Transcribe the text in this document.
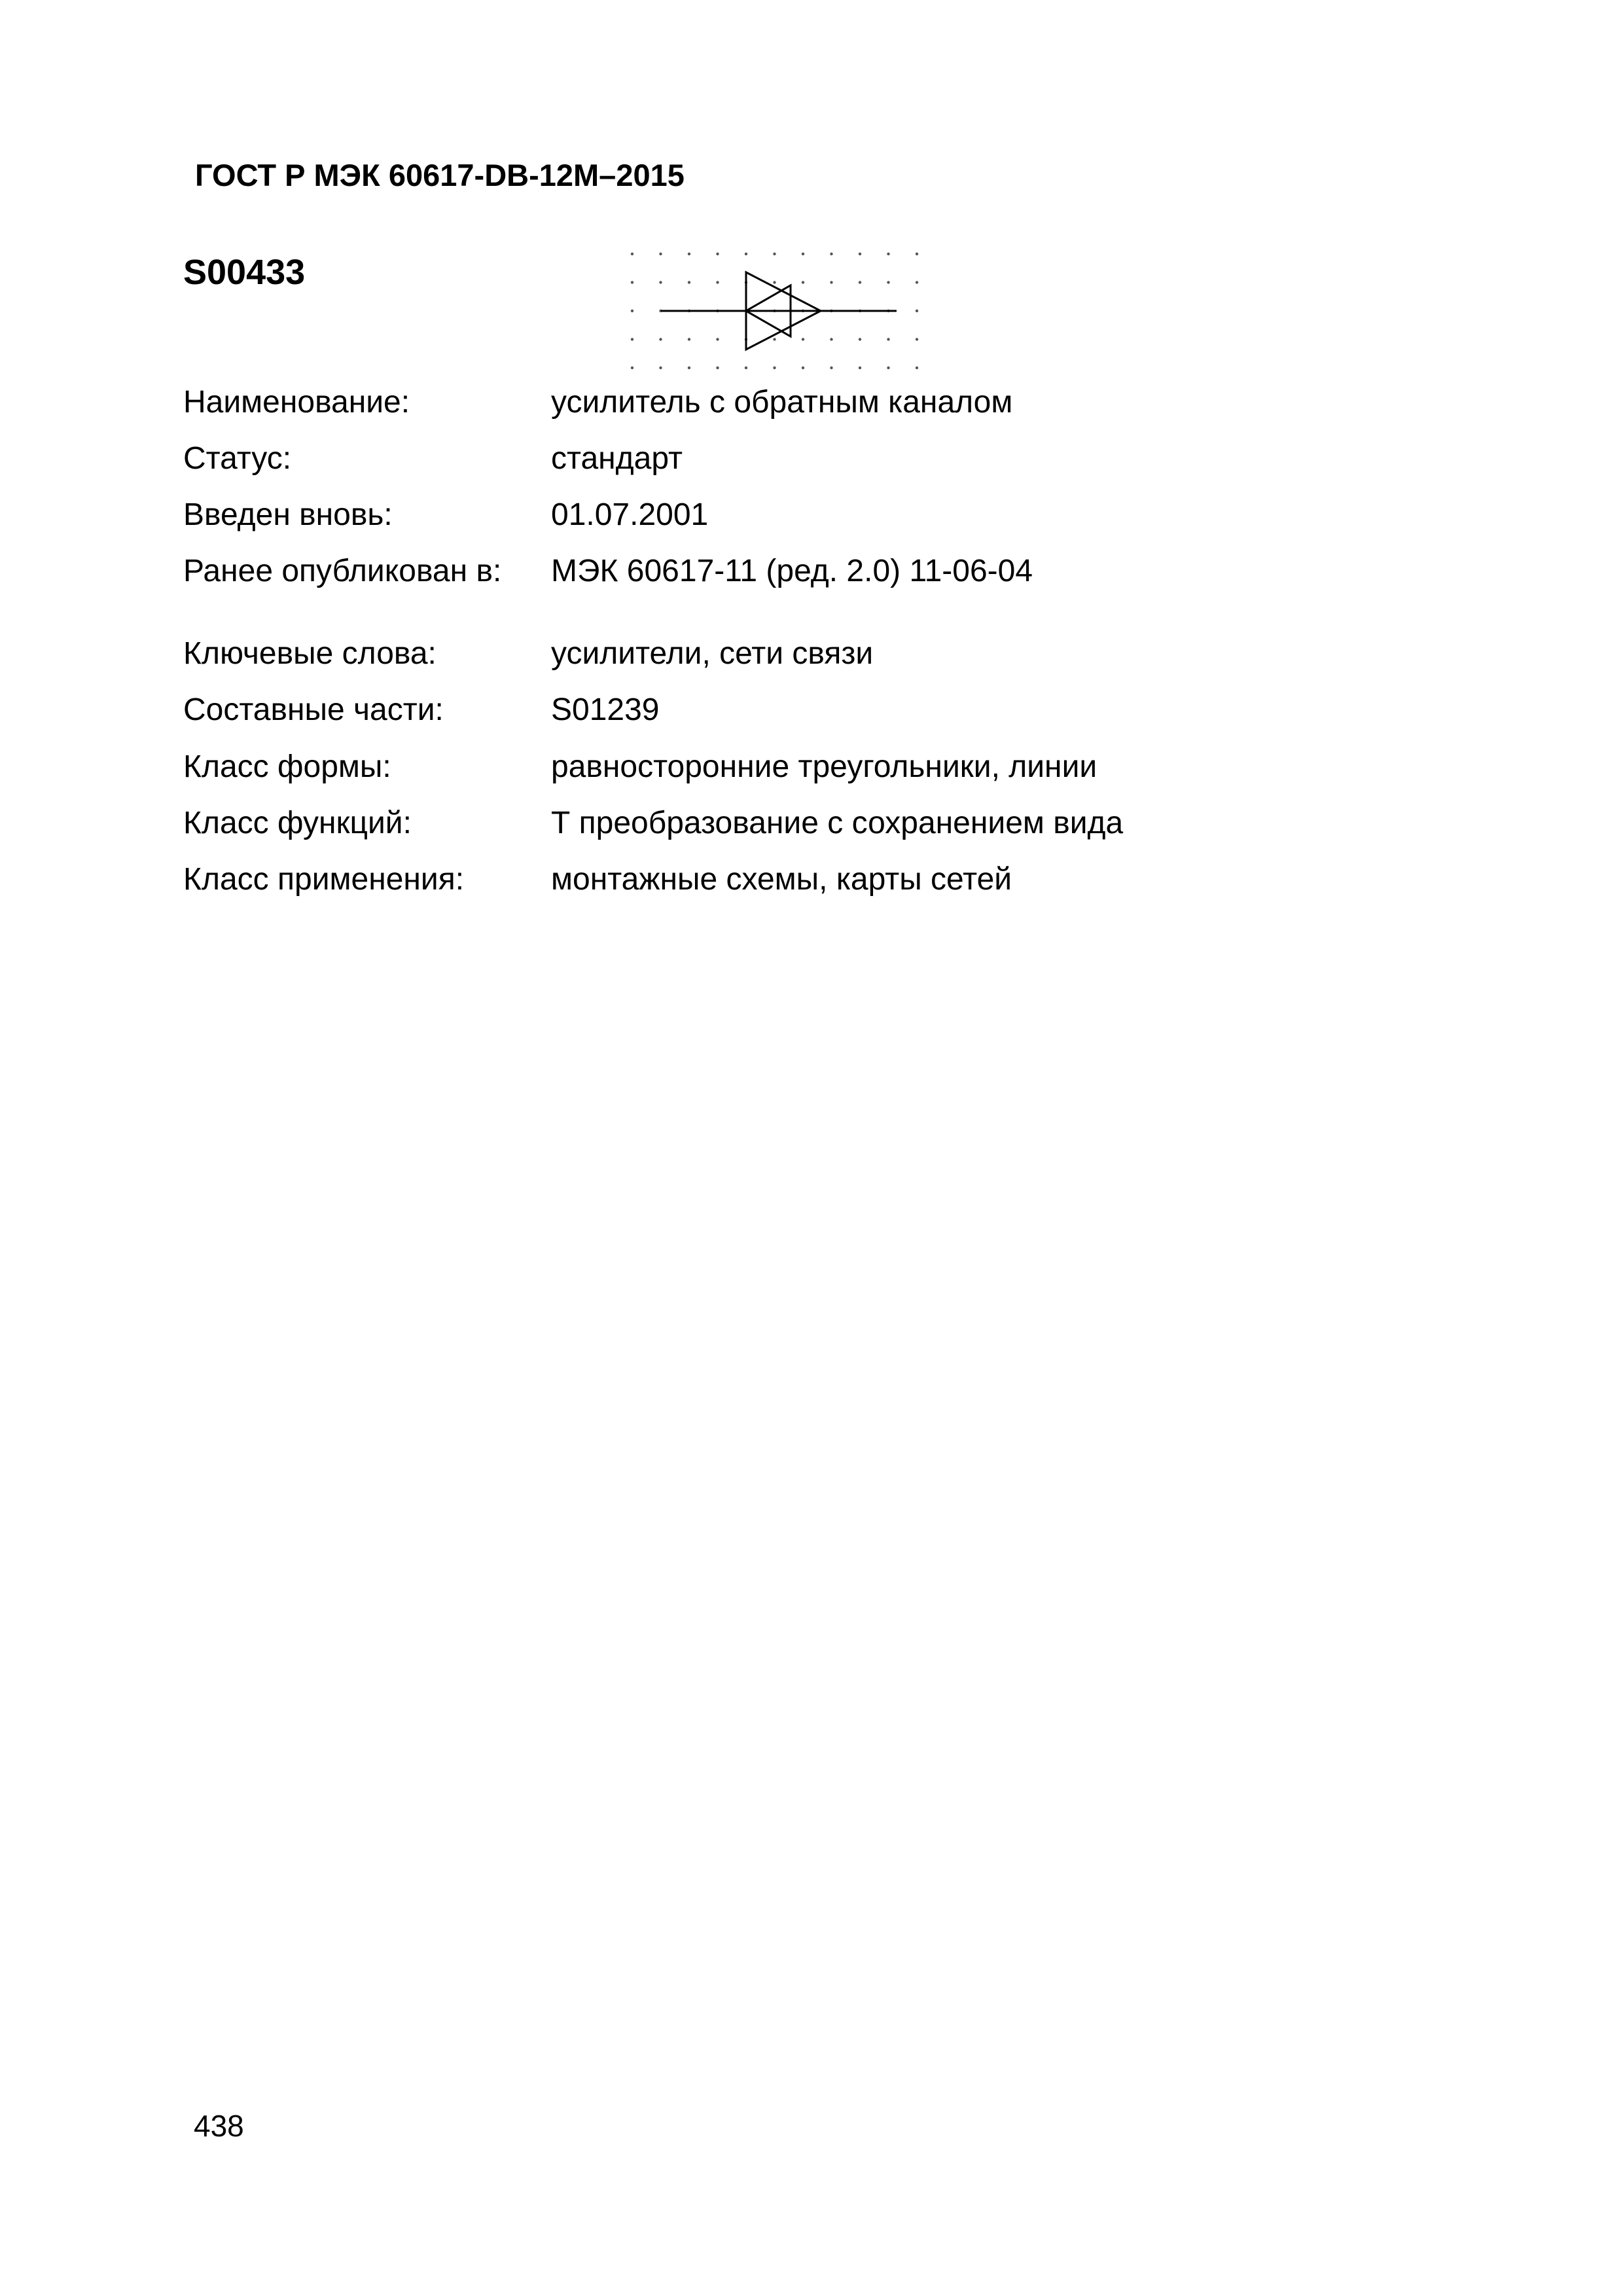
ГОСТ Р МЭК 60617-DB-12M–2015
S00433
Наименование:	усилитель с обратным каналом
Статус:	стандарт
Введен вновь:	01.07.2001
Ранее опубликован в: МЭК 60617-11 (ред. 2.0) 11-06-04
Ключевые слова:	усилители, сети связи
Составные части:	S01239
Класс формы:	равносторонние треугольники, линии
Класс функций:	Т преобразование с сохранением вида
Класс применения:	монтажные схемы, карты сетей
438
